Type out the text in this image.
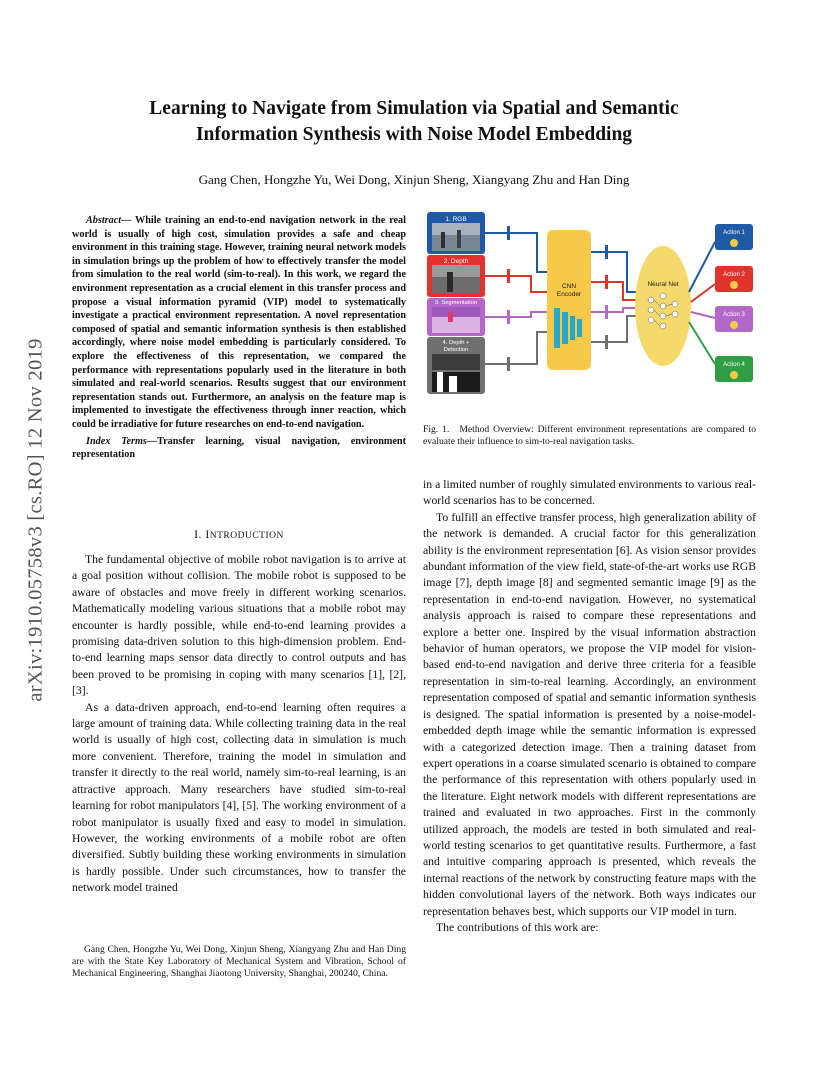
Learning to Navigate from Simulation via Spatial and Semantic
Information Synthesis with Noise Model Embedding
Gang Chen, Hongzhe Yu, Wei Dong, Xinjun Sheng, Xiangyang Zhu and Han Ding
arXiv:1910.05758v3 [cs.RO] 12 Nov 2019

Abstract— While training an end-to-end navigation network in the real world is usually of high cost, simulation provides a safe and cheap environment in this training stage. However, training neural network models in simulation brings up the problem of how to effectively transfer the model from simulation to the real world (sim-to-real). In this work, we regard the environment representation as a crucial element in this transfer process and propose a visual information pyramid (VIP) model to systematically investigate a practical environment representation. A novel representation composed of spatial and semantic information synthesis is then established accordingly, where noise model embedding is particularly considered. To explore the effectiveness of this representation, we compared the performance with representations popularly used in the literature in both simulated and real-world scenarios. Results suggest that our environment representation stands out. Furthermore, an analysis on the feature map is implemented to investigate the effectiveness through inner reaction, which could be irradiative for future researches on end-to-end navigation.

Index Terms—Transfer learning, visual navigation, environment representation

I. INTRODUCTION

The fundamental objective of mobile robot navigation is to arrive at a goal position without collision. The mobile robot is supposed to be aware of obstacles and move freely in different working scenarios. Mathematically modeling various situations that a mobile robot may encounter is hardly possible, while end-to-end learning provides a promising data-driven solution to this high-dimension problem. End-to-end learning maps sensor data directly to control outputs and has been proved to be promising in coping with many scenarios [1], [2], [3].

As a data-driven approach, end-to-end learning often requires a large amount of training data. While collecting training data in the real world is usually of high cost, collecting data in simulation is much more convenient. Therefore, training the model in simulation and transfer it directly to the real world, namely sim-to-real learning, is an attractive approach. Many researchers have studied sim-to-real learning for robot manipulators [4], [5]. The working environment of a robot manipulator is usually fixed and easy to model in simulation. However, the working environments of a mobile robot are often diversified. Subtly building these working environments in simulation is hardly possible. Under such circumstances, how to transfer the network model trained

Gang Chen, Hongzhe Yu, Wei Dong, Xinjun Sheng, Xiangyang Zhu and Han Ding are with the State Key Laboratory of Mechanical System and Vibration, School of Mechanical Engineering, Shanghai Jiaotong University, Shanghai, 200240, China.

1. RGB
2. Depth
3. Segmentation
4. Depth +
Detection
CNN
Encoder
Neural Net
Action 1
Action 2
Action 3
Action 4
Fig. 1. Method Overview: Different environment representations are compared to evaluate their influence to sim-to-real navigation tasks.

in a limited number of roughly simulated environments to various real-world scenarios has to be concerned.

To fulfill an effective transfer process, high generalization ability of the network is demanded. A crucial factor for this generalization ability is the environment representation [6]. As vision sensor provides abundant information of the view field, state-of-the-art works use RGB image [7], depth image [8] and segmented semantic image [9] as the representation in end-to-end navigation. However, no systematical analysis approach is raised to compare these representations and explore a better one. Inspired by the visual information abstraction behavior of human operators, we propose the VIP model for vision-based end-to-end navigation and derive three criteria for a feasible representation in sim-to-real learning. Accordingly, an environment representation composed of spatial and semantic information synthesis is designed. The spatial information is presented by a noise-model-embedded depth image while the semantic information is expressed with a categorized detection image. Then a training dataset from expert operations in a coarse simulated scenario is obtained to compare the performance of this representation with others popularly used in the literature. Eight network models with different representations are trained and evaluated in two approaches. First in the commonly utilized approach, the models are tested in both simulated and real-world testing scenarios to get quantitative results. Furthermore, a fast and intuitive comparing approach is presented, which reveals the internal reactions of the network by constructing feature maps with the hidden convolutional layers of the network. Both ways indicates our representation behaves best, which supports our VIP model in turn.

The contributions of this work are:
